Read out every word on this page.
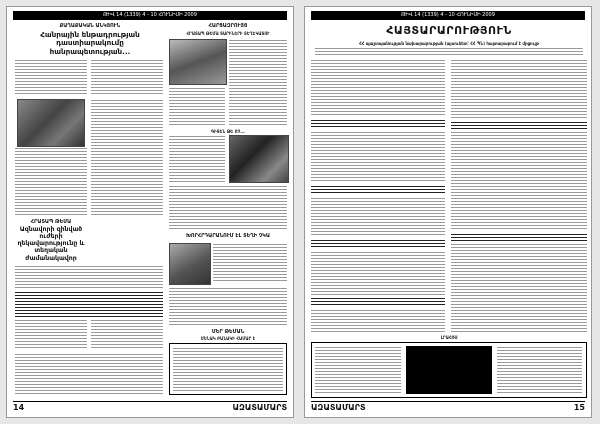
ԹԻՎ 14 (1339) 4 - 10 ՀՈՒՆԻՍԻ 2009
ՔԱՂԱՔԱԿԱՆ ԱՆԿՅՈՒՆ
Հանրային ենթադրության դաստիարակումը հանրապետության...
ՀՐԱՏԱՊ ԹԵՄԱ
Ազնավորի զինված ուժերի ղեկավարությունը և տեղական ժամանակավոր
ՀԱՐՑԱԶՐՈՒՅՑ
ՀՐԱՏԱՊ ԹԵՄԱ ՏԱՐԻՆԵՐԻ ՏԵՂԵԿԱՏՈՒ
ԳԻՏԵՆ ԹԵ ՈՉ...
ԽՈՐՀՐԴԱՐԱՆՈՒՄ ԷԼ ՏԵՂԻ ՉԿԱ
ՄԵՐ ԹԵՄԱՆ
ՄԵՆԱԿ ԲԱՆԱԿԻ ՀԱՄԱՐ Է
14	ԱԶԱՏԱՄԱՐՏ
ԹԻՎ 14 (1339) 4 - 10 ՀՈՒՆԻՍԻ 2009
ՀԱՅՏԱՐԱՐՈՒԹՅՈՒՆ
ՀՀ պաշտպանության նախարարության (այսուհետ՝ ՀՀ ՊՆ) հայտարարում է մրցույթ
ԼՐԱՀՈՍ
ԱԶԱՏԱՄԱՐՏ	15
